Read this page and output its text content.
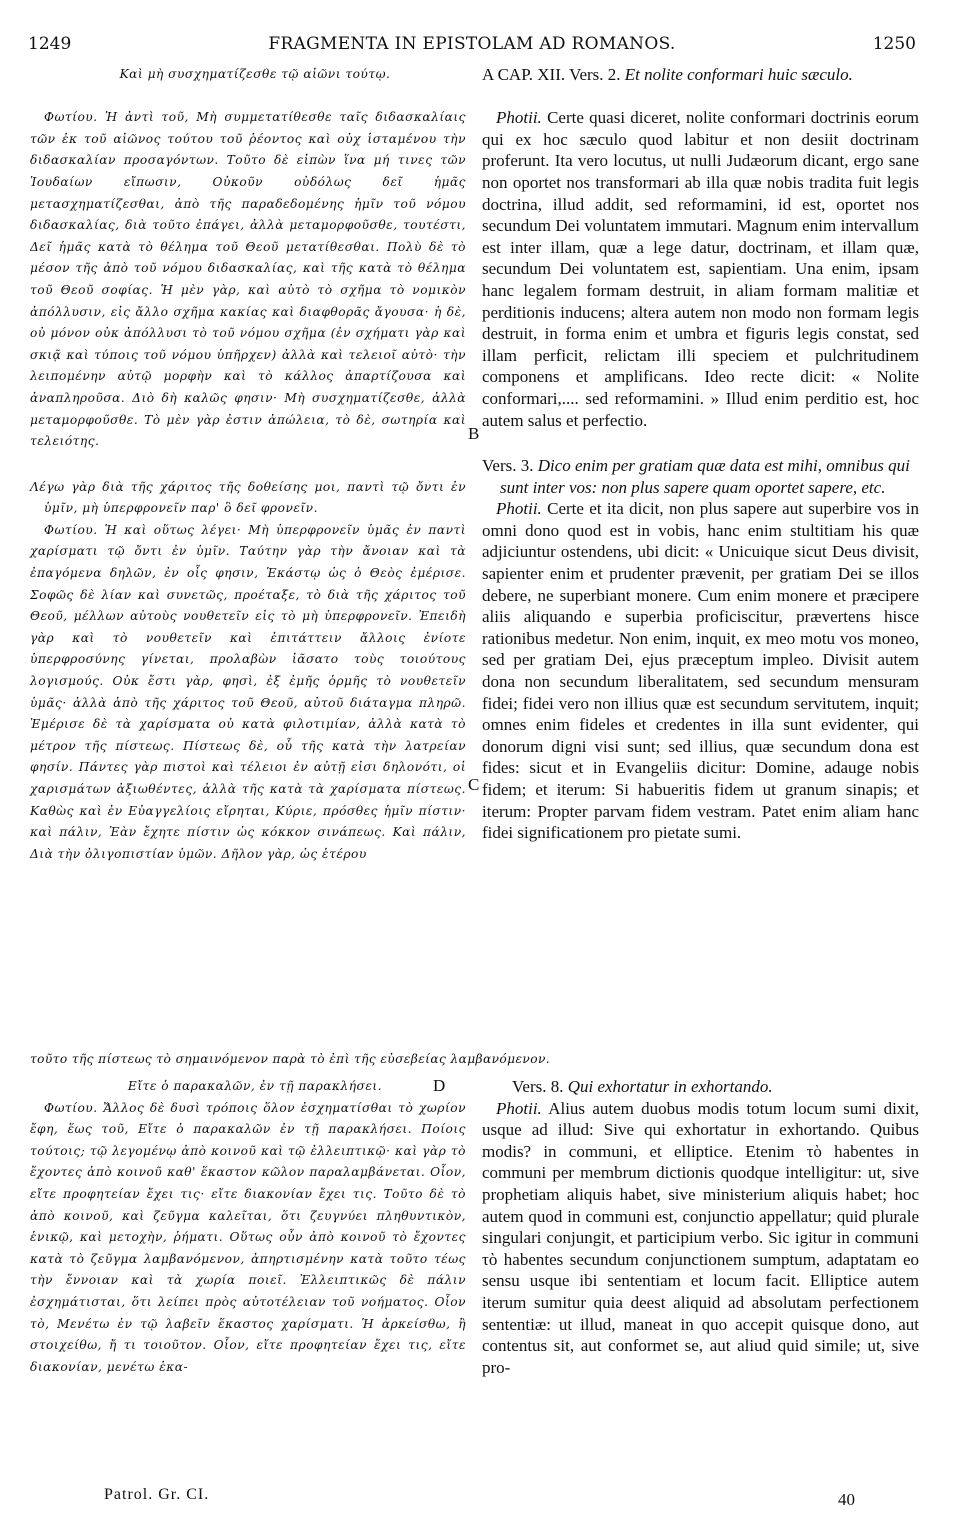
1249	FRAGMENTA IN EPISTOLAM AD ROMANOS.	1250

Καὶ μὴ συσχηματίζεσθε τῷ αἰῶνι τούτῳ.

Φωτίου. Ἡ ἀντὶ τοῦ, Μὴ συμμετατίθεσθε ταῖς διδασκαλίαις τῶν ἐκ τοῦ αἰῶνος τούτου τοῦ ῥέοντος καὶ οὐχ ἱσταμένου τὴν διδασκαλίαν προσαγόντων. Τοῦτο δὲ εἰπὼν ἵνα μή τινες τῶν Ἰουδαίων εἴπωσιν, Οὐκοῦν οὐδόλως δεῖ ἡμᾶς μετασχηματίζεσθαι, ἀπὸ τῆς παραδεδομένης ἡμῖν τοῦ νόμου διδασκαλίας, διὰ τοῦτο ἐπάγει, ἀλλὰ μεταμορφοῦσθε, τουτέστι, Δεῖ ἡμᾶς κατὰ τὸ θέλημα τοῦ Θεοῦ μετατίθεσθαι. Πολὺ δὲ τὸ μέσον τῆς ἀπὸ τοῦ νόμου διδασκαλίας, καὶ τῆς κατὰ τὸ θέλημα τοῦ Θεοῦ σοφίας. Ἡ μὲν γὰρ, καὶ αὐτὸ τὸ σχῆμα τὸ νομικὸν ἀπόλλυσιν, εἰς ἄλλο σχῆμα κακίας καὶ διαφθορᾶς ἄγουσα· ἡ δὲ, οὐ μόνον οὐκ ἀπόλλυσι τὸ τοῦ νόμου σχῆμα (ἐν σχήματι γὰρ καὶ σκιᾷ καὶ τύποις τοῦ νόμου ὑπῆρχεν) ἀλλὰ καὶ τελειοῖ αὐτὸ· τὴν λειπομένην αὐτῷ μορφὴν καὶ τὸ κάλλος ἀπαρτίζουσα καὶ ἀναπληροῦσα. Διὸ δὴ καλῶς φησιν· Μὴ συσχηματίζεσθε, ἀλλὰ μεταμορφοῦσθε. Τὸ μὲν γὰρ ἐστιν ἀπώλεια, τὸ δὲ, σωτηρία καὶ τελειότης.

Λέγω γὰρ διὰ τῆς χάριτος τῆς δοθείσης μοι, παντὶ τῷ ὄντι ἐν ὑμῖν, μὴ ὑπερφρονεῖν παρ' ὃ δεῖ φρονεῖν.

Φωτίου. Ἡ καὶ οὕτως λέγει· Μὴ ὑπερφρονεῖν ὑμᾶς ἐν παντὶ χαρίσματι τῷ ὄντι ἐν ὑμῖν. Ταύτην γὰρ τὴν ἄνοιαν καὶ τὰ ἐπαγόμενα δηλῶν, ἐν οἷς φησιν, Ἑκάστῳ ὡς ὁ Θεὸς ἐμέρισε. Σοφῶς δὲ λίαν καὶ συνετῶς, προέταξε, τὸ διὰ τῆς χάριτος τοῦ Θεοῦ, μέλλων αὐτοὺς νουθετεῖν εἰς τὸ μὴ ὑπερφρονεῖν. Ἐπειδὴ γὰρ καὶ τὸ νουθετεῖν καὶ ἐπιτάττειν ἄλλοις ἐνίοτε ὑπερφροσύνης γίνεται, προλαβὼν ἰᾶσατο τοὺς τοιούτους λογισμούς. Οὐκ ἔστι γὰρ, φησὶ, ἐξ ἐμῆς ὁρμῆς τὸ νουθετεῖν ὑμᾶς· ἀλλὰ ἀπὸ τῆς χάριτος τοῦ Θεοῦ, αὐτοῦ διάταγμα πληρῶ. Ἐμέρισε δὲ τὰ χαρίσματα οὐ κατὰ φιλοτιμίαν, ἀλλὰ κατὰ τὸ μέτρον τῆς πίστεως. Πίστεως δὲ, οὗ τῆς κατὰ τὴν λατρείαν φησίν. Πάντες γὰρ πιστοὶ καὶ τέλειοι ἐν αὐτῇ εἰσι δηλονότι, οἱ χαρισμάτων ἀξιωθέντες, ἀλλὰ τῆς κατὰ τὰ χαρίσματα πίστεως. Καθὼς καὶ ἐν Εὐαγγελίοις εἴρηται, Κύριε, πρόσθες ἡμῖν πίστιν· καὶ πάλιν, Ἐὰν ἔχητε πίστιν ὡς κόκκον σινάπεως. Καὶ πάλιν, Διὰ τὴν ὀλιγοπιστίαν ὑμῶν. Δῆλον γὰρ, ὡς ἑτέρου

A CAP. XII. Vers. 2. Et nolite conformari huic sæculo.

Photii. Certe quasi diceret, nolite conformari doctrinis eorum qui ex hoc sæculo quod labitur et non desiit doctrinam proferunt. Ita vero locutus, ut nulli Judæorum dicant, ergo sane non oportet nos transformari ab illa quæ nobis tradita fuit legis doctrina, illud addit, sed reformamini, id est, oportet nos secundum Dei voluntatem immutari. Magnum enim intervallum est inter illam, quæ a lege datur, doctrinam, et illam quæ, secundum Dei voluntatem est, sapientiam. Una enim, ipsam hanc legalem formam destruit, in aliam formam malitiæ et perditionis inducens; altera autem non modo non formam legis destruit, in forma enim et umbra et figuris legis constat, sed illam perficit, relictam illi speciem et pulchritudinem componens et amplificans. Ideo recte dicit: « Nolite conformari,.... sed reformamini. » Illud enim perditio est, hoc autem salus et perfectio.

Vers. 3. Dico enim per gratiam quæ data est mihi, omnibus qui sunt inter vos: non plus sapere quam oportet sapere, etc.

Photii. Certe et ita dicit, non plus sapere aut superbire vos in omni dono quod est in vobis, hanc enim stultitiam his quæ adjiciuntur ostendens, ubi dicit: « Unicuique sicut Deus divisit, sapienter enim et prudenter prævenit, per gratiam Dei se illos debere, ne superbiant monere. Cum enim monere et præcipere aliis aliquando e superbia proficiscitur, prævertens hisce rationibus medetur. Non enim, inquit, ex meo motu vos moneo, sed per gratiam Dei, ejus præceptum impleo. Divisit autem dona non secundum liberalitatem, sed secundum mensuram fidei; fidei vero non illius quæ est secundum servitutem, inquit; omnes enim fideles et credentes in illa sunt evidenter, qui donorum digni visi sunt; sed illius, quæ secundum dona est fides: sicut et in Evangeliis dicitur: Domine, adauge nobis fidem; et iterum: Si habueritis fidem ut granum sinapis; et iterum: Propter parvam fidem vestram. Patet enim aliam hanc fidei significationem pro pietate sumi.

τοῦτο τῆς πίστεως τὸ σημαινόμενον παρὰ τὸ ἐπὶ τῆς εὐσεβείας λαμβανόμενον.

Εἴτε ὁ παρακαλῶν, ἐν τῇ παρακλήσει.

Φωτίου. Ἄλλος δὲ δυσὶ τρόποις ὅλον ἐσχηματίσθαι τὸ χωρίον ἔφη, ἕως τοῦ, Εἴτε ὁ παρακαλῶν ἐν τῇ παρακλήσει. Ποίοις τούτοις; τῷ λεγομένῳ ἀπὸ κοινοῦ καὶ τῷ ἐλλειπτικῷ· καὶ γὰρ τὸ ἔχοντες ἀπὸ κοινοῦ καθ' ἕκαστον κῶλον παραλαμβάνεται. Οἷον, εἴτε προφητείαν ἔχει τις· εἴτε διακονίαν ἔχει τις. Τοῦτο δὲ τὸ ἀπὸ κοινοῦ, καὶ ζεῦγμα καλεῖται, ὅτι ζευγνύει πληθυντικὸν, ἑνικῷ, καὶ μετοχὴν, ῥήματι. Οὕτως οὖν ἀπὸ κοινοῦ τὸ ἔχοντες κατὰ τὸ ζεῦγμα λαμβανόμενον, ἀπηρτισμένην κατὰ τοῦτο τέως τὴν ἔννοιαν καὶ τὰ χωρία ποιεῖ. Ἐλλειπτικῶς δὲ πάλιν ἐσχημάτισται, ὅτι λείπει πρὸς αὐτοτέλειαν τοῦ νοήματος. Οἷον τὸ, Μενέτω ἐν τῷ λαβεῖν ἕκαστος χαρίσματι. Ἡ ἀρκείσθω, ἢ στοιχείθω, ἤ τι τοιοῦτον. Οἷον, εἴτε προφητείαν ἔχει τις, εἴτε διακονίαν, μενέτω ἑκα-

Vers. 8. Qui exhortatur in exhortando.

Photii. Alius autem duobus modis totum locum sumi dixit, usque ad illud: Sive qui exhortatur in exhortando. Quibus modis? in communi, et elliptice. Etenim τὸ habentes in communi per membrum dictionis quodque intelligitur: ut, sive prophetiam aliquis habet, sive ministerium aliquis habet; hoc autem quod in communi est, conjunctio appellatur; quid plurale singulari conjungit, et participium verbo. Sic igitur in communi τὸ habentes secundum conjunctionem sumptum, adaptatam eo sensu usque ibi sententiam et locum facit. Elliptice autem iterum sumitur quia deest aliquid ad absolutam perfectionem sententiæ: ut illud, maneat in quo accepit quisque dono, aut contentus sit, aut conformet se, aut aliud quid simile; ut, sive pro-

B
C
D
Patrol. Gr. CI.	40
